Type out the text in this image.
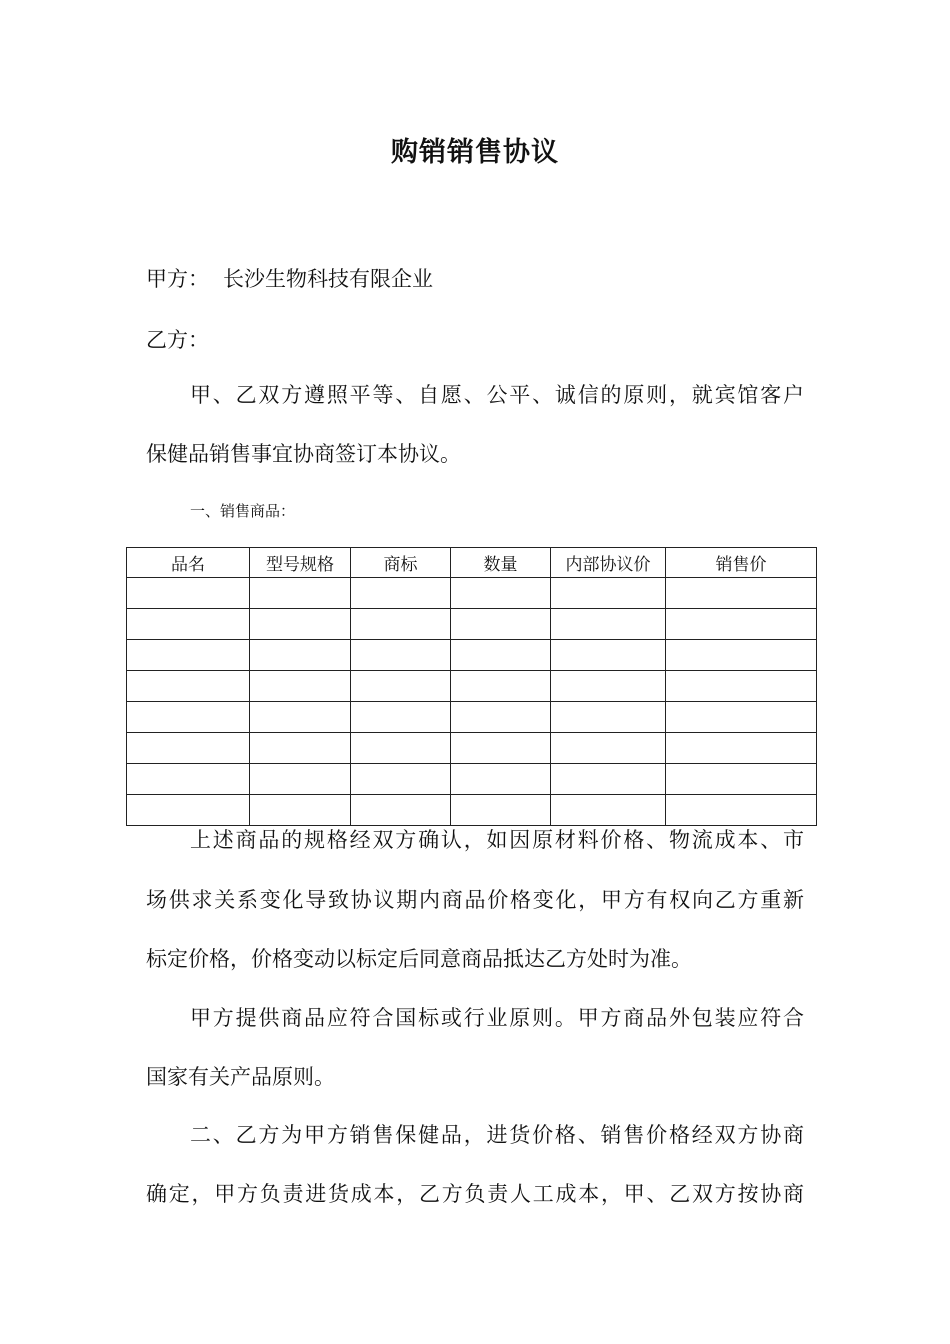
购销销售协议
甲方： 长沙生物科技有限企业
乙方：
甲、乙双方遵照平等、自愿、公平、诚信的原则，就宾馆客户
保健品销售事宜协商签订本协议。
一、销售商品：
品名	型号规格	商标	数量	内部协议价	销售价

上述商品的规格经双方确认，如因原材料价格、物流成本、市
场供求关系变化导致协议期内商品价格变化，甲方有权向乙方重新
标定价格，价格变动以标定后同意商品抵达乙方处时为准。
甲方提供商品应符合国标或行业原则。甲方商品外包装应符合
国家有关产品原则。
二、乙方为甲方销售保健品，进货价格、销售价格经双方协商
确定，甲方负责进货成本，乙方负责人工成本，甲、乙双方按协商
